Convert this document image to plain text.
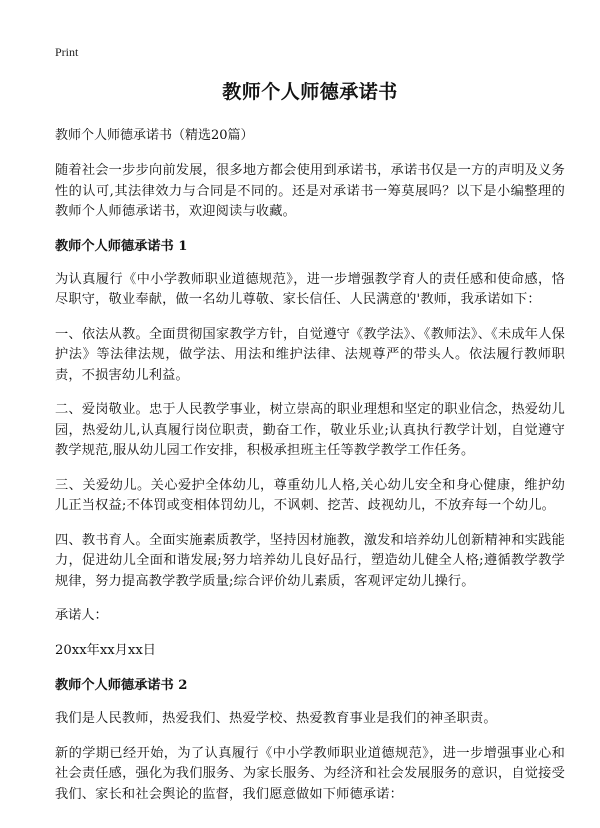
Print
教师个人师德承诺书
教师个人师德承诺书（精选20篇）

随着社会一步步向前发展，很多地方都会使用到承诺书，承诺书仅是一方的声明及义务性的认可,其法律效力与合同是不同的。还是对承诺书一筹莫展吗？以下是小编整理的教师个人师德承诺书，欢迎阅读与收藏。

教师个人师德承诺书 1

为认真履行《中小学教师职业道德规范》，进一步增强教学育人的责任感和使命感，恪尽职守，敬业奉献，做一名幼儿尊敬、家长信任、人民满意的'教师，我承诺如下：

一、依法从教。全面贯彻国家教学方针，自觉遵守《教学法》、《教师法》、《未成年人保护法》等法律法规，做学法、用法和维护法律、法规尊严的带头人。依法履行教师职责，不损害幼儿利益。

二、爱岗敬业。忠于人民教学事业，树立崇高的职业理想和坚定的职业信念，热爱幼儿园，热爱幼儿,认真履行岗位职责，勤奋工作，敬业乐业;认真执行教学计划，自觉遵守教学规范,服从幼儿园工作安排，积极承担班主任等教学教学工作任务。

三、关爱幼儿。关心爱护全体幼儿，尊重幼儿人格,关心幼儿安全和身心健康，维护幼儿正当权益;不体罚或变相体罚幼儿，不讽刺、挖苦、歧视幼儿，不放弃每一个幼儿。

四、教书育人。全面实施素质教学，坚持因材施教，激发和培养幼儿创新精神和实践能力，促进幼儿全面和谐发展;努力培养幼儿良好品行，塑造幼儿健全人格;遵循教学教学规律，努力提高教学教学质量;综合评价幼儿素质，客观评定幼儿操行。

承诺人：
20xx年xx月xx日
教师个人师德承诺书 2

我们是人民教师，热爱我们、热爱学校、热爱教育事业是我们的神圣职责。

新的学期已经开始，为了认真履行《中小学教师职业道德规范》，进一步增强事业心和社会责任感，强化为我们服务、为家长服务、为经济和社会发展服务的意识，自觉接受我们、家长和社会舆论的监督，我们愿意做如下师德承诺：
